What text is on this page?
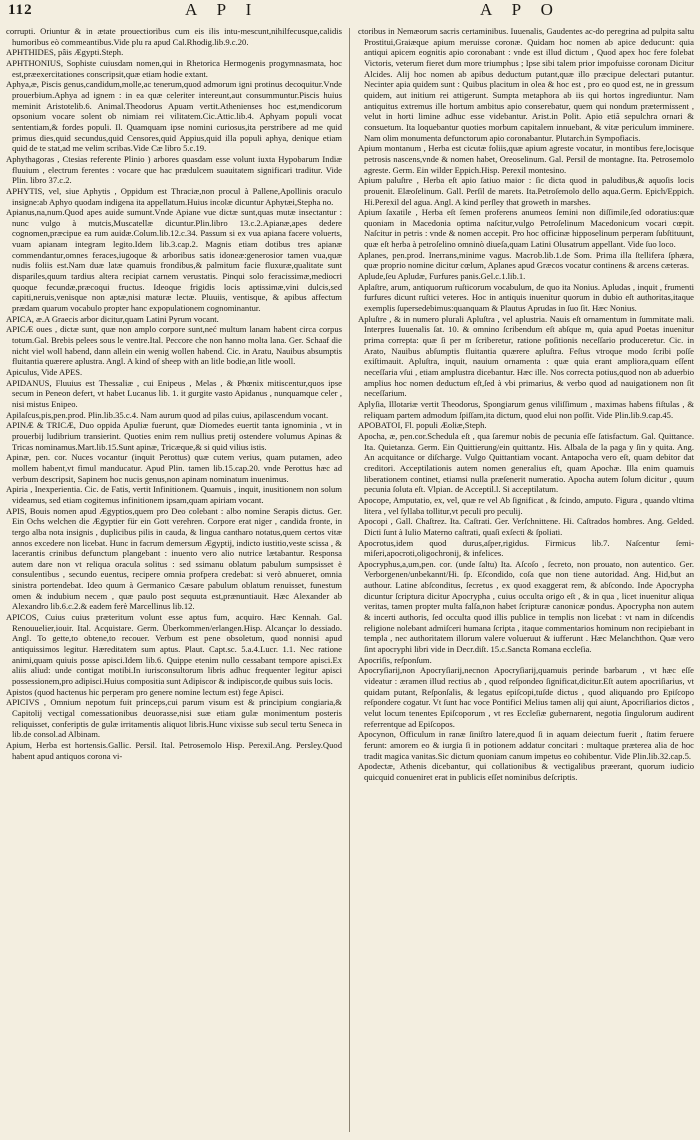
112	A P I	A P O

corrupti. Oriuntur & in ætate prouectioribus cum eis ilis intu-mescunt,nihilfecusque,calidis humoribus eò commeantibus.Vide plu ra apud Cal.Rhodig.lib.9.c.20.

APHTHIDES, pâis Ægypti.Steph.

APHTHONIUS, Sophiste cuiusdam nomen,qui in Rhetorica Hermogenis progymnasmata, hoc est,præexercitationes conscripsit,quæ etiam hodie extant.

Aphya,æ, Piscis genus,candidum,molle,ac tenerum,quod admorum igni protinus decoquitur.Vnde prouerbium.Aphya ad ignem : in ea quæ celeriter intereunt,aut consummuntur.Piscis huius meminit Aristotelib.6. Animal.Theodorus Apuam vertit.Athenienses hoc est,mendicorum opsonium vocare solent ob nimiam rei vilitatem.Cic.Attic.lib.4. Aphyam populi vocat sententiam,& fordes populi. Il. Quamquam ipse nomini curiosus,ita perstribere ad me quid primus dies,quid secundus,quid Censores,quid Appius,quid illa populi aphya, denique etiam quid de te stat,ad me velim scribas.Vide Cæ libro 5.c.19.

Aphythagoras , Ctesias referente Plinio ) arbores quasdam esse volunt iuxta Hypobarum Indiæ fluuium , electrum ferentes : vocare que hac prædulcem suauitatem significari traditur. Vide Plin. libro 37.c.2.

APHYTIS, vel, siue Aphytis , Oppidum est Thraciæ,non procul à Pallene,Apollinis oraculo insigne:ab Aphyo quodam indigena ita appellatum.Huius incolæ dicuntur Aphytæi,Stepha no.

Apianus,na,num.Quod apes auide sumunt.Vnde Apiane vue dictæ sunt,quas mutæ insectantur : nunc vulgo à mutcis,Muscatellæ dicuntur.Plin.libro 13.c.2.Apianæ,apes dedere cognomen,præcipue ea rum auidæ.Colum.lib.12.c.34. Passum si ex vua apiana facere voluerts, vuam apianam integram legito.Idem lib.3.cap.2. Magnis etiam dotibus tres apianæ commendantur,omnes feraces,iugoque & arboribus satis idoneæ:generosior tamen vua,quæ nudis foliis est.Nam duæ latæ quamuis frondibus,& palmitum facie fluxuræ,qualitate sunt dispariles,quum tardius altera recipiat carnem verustatis. Pinqui solo feracissimæ,mediocri quoque fecundæ,præcoqui fructus. Ideoque frigidis locis aptissimæ,vini dulcis,sed capiti,neruis,venisque non aptæ,nisi maturæ lectæ. Pluuiis, ventisque, & apibus affectum prædam quarum vocabulo propter hanc expopulationem cognominantur.

APICA, æ.A Graecis arbor dicitur,quam Latini Pyrum vocant.

APICÆ oues , dictæ sunt, quæ non amplo corpore sunt,neć multum lanam habent circa corpus totum.Gal. Brebis pelees sous le ventre.Ital. Peccore che non hanno molta lana. Ger. Schaaf die nicht viel woll habend, dann allein ein wenig wollen habend. Cic. in Aratu, Nauibus absumptis fluitantia quærere aplustra. Angl. A kind of sheep with an litle bodie,an litle wooll.

Apiculus, Vide APES.

APIDANUS, Fluuius est Thessaliæ , cui Enipeus , Melas , & Phœnix mitiscentur,quos ipse secum in Peneon defert, vt habet Lucanus lib. 1. it gurgite vasto Apidanus , nunquamque celer , nisi mistus Enipeo.

Apilaſcus,pis,pen.prod. Plin.lib.35.c.4. Nam aurum quod ad pilas cuius, apilascendum vocant.

APINÆ & TRICÆ, Duo oppida Apuliæ fuerunt, quæ Diomedes euertit tanta ignominia , vt in prouerbij ludibrium transierint. Quoties enim rem nullius pretij ostendere volumus Apinas & Tricas nominamus.Mart.lib.15.Sunt apinæ, Tricæque,& si quid vilius istis.

Apinæ, pen. cor. Nuces vocantur (inquit Perottus) quæ cutem verius, quam putamen, adeo mollem habent,vt fimul manducatur. Apud Plin. tamen lib.15.cap.20. vnde Perottus hæc ad verbum descripsit, Sapinem hoc nucis genus,non apinam nominatum inuenimus.

Apiria , Inexperientia. Cic. de Fatis, vertit Infinitionem. Quamuis , inquit, inusitionem non solum videamus, sed etiam cogitemus infinitionem ipsam,quam apiriam vocant.

APIS, Bouis nomen apud Ægyptios,quem pro Deo colebant : albo nomine Serapis dictus. Ger. Ein Ochs welchen die Ægyptier für ein Gott verehren. Corpore erat niger , candida fronte, in tergo alba nota insignis , duplicibus pilis in cauda, & lingua cantharo notatus,quem certos vitæ annos excedere non licebat. Hunc in facrum demersum Ægyptij, indicto iustitio,veste scissa , & lacerantis crinibus defunctum plangebant : inuento vero alio nutrice lætabantur. Responsa autem dare non vt reliqua oracula solitus : sed ssimanu oblatum pabulum sumpsisset è consulentibus , secundo euentus, recipere omnia profpera credebat: si verò abnueret, omnia sinistra portendebat. Ideo quum à Germanico Cæsare pabulum oblatum renuisset, funestum omen & indubium necem , quæ paulo post sequuta est,prænuntiauit. Hæc Alexander ab Alexandro lib.6.c.2.& eadem ferè Marcellinus lib.12.

APICOS, Cuius cuius præteritum volunt esse aptus fum, acquiro. Hæc Kennah. Gal. Renouuelier,iouir. Ital. Acquistare. Germ. Überkommen/erlangen.Hisp. Alcançar lo dessiado. Angl. To gette,to obtene,to recouer. Verbum est pene obsoletum, quod nonnisi apud antiquissimos legitur. Hæreditatem sum aptus. Plaut. Capt.sc. 5.a.4.Lucr. 1.1. Nec ratione animi,quam quiuis posse apisci.Idem lib.6. Quippe etenim nullo cessabant tempore apisci.Ex aliis aliud: unde contigat motibi.In iurisconsultorum libris adhuc frequenter legitur apisci possessionem,pro adipisci.Huius compositia sunt Adipiscor & indipiscor,de quibus suis locis.

Apistos (quod hactenus hic perperam pro genere nomine lectum est) fege Apisci.

APICIVS , Omnium nepotum fuit princeps,cui parum visum est & principium congiaria,& Capitolij vectigal comessationibus deuorasse,nisi suæ etiam gulæ monimentum posteris reliquisset, conferiptis de gulæ irritamentis aliquot libris.Hunc vixisse sub secul tertu Seneca in lib.de consol.ad Albinam.

Apium, Herba est hortensis.Gallic. Persil. Ital. Petrosemolo Hisp. Perexil.Ang. Persley.Quod habent apud antiquos corona vi-

ctoribus in Nemæorum sacris certaminibus. Iuuenalis, Gaudentes ac-do peregrina ad pulpita saltu Prostitui,Graiæque apium meruisse coronæ. Quidam hoc nomen ab apice deducunt: quia antiqui apicem eognitis apio coronabant : vnde est illud dictum , Quod apex hoc fere folebat Victoris, veterum fieret dum more triumphus ; Ipse sibi talem prior impofuisse coronam Dicitur Alcides. Alij hoc nomen ab apibus deductum putant,quæ illo præcipue delectari putantur. Necinter apia quidem sunt : Quibus placitum in olea & hoc est , pro eo quod est, ne in gressum quidem, aut initium rei attigerunt. Sumpta metaphora ab iis qui hortos ingrediuntur. Nam antiquitus extremus ille hortum ambitus apio conserebatur, quem qui nondum prætermissent , velut in horti limine adhuc esse videbantur. Arist.in Polit. Apio etiā sepulchra ornari & consuetum. Ita loquebantur quoties morbum capitalem innuebant, & vitæ periculum imminere. Nam olim monumenta defunctorum apio coronabantur. Plutarch.in Sympofiacis.

Apium montanum , Herba est cicutæ foliis,quæ apium agreste vocatur, in montibus fere,locisque petrosis nascens,vnde & nomen habet, Oreoselinum. Gal. Persil de montagne. Ita. Petrosemolo agreste. Germ. Ein wilder Eppich.Hisp. Perexil montesino.

Apium paluſtre , Herba eſt apio ſatiuo maior : ſic dicta quod in paludibus,& aquoſis locis prouenit. Elæoſelinum. Gall. Perſil de marets. Ita.Petroſemolo dello aqua.Germ. Epich/Eppich. Hi.Perexil del agua. Angl. A kind perſley that groweth in marshes.

Apium ſaxatile , Herba eſt ſemen proferens anumeos ſemini non diſſimile,ſed odoratius:quæ quoniam in Macedonia optima naſcitur,vulgo Petroſelinum Macedonicum vocari cœpit. Naſcitur in petris : vnde & nomen accepit. Pro hoc officinæ hipposelinum perperam ſubſtituunt, quæ eſt herba à petroſelino omninò diueſa,quam Latini Olusatrum appellant. Vide ſuo loco.

Aplanes, pen.prod. Inerrans,minime vagus. Macrob.lib.1.de Som. Prima illa ſtellifera ſphæra, quæ proprio nomine dicitur cœlum, Aplanes apud Græcos vocatur continens & arcens cæteras.

Aplude,ſeu Apludæ, Furfures panis.Gel.c.1.lib.1.

Aplaſtre, arum, antiquorum ruſticorum vocabulum, de quo ita Nonius. Apludas , inquit , frumenti furfures dicunt ruſtici veteres. Hoc in antiquis inuenitur quorum in dubio eſt authoritas,itaque exemplis ſupersedebimus:quanquam & Plautus Aprudas in ſuo ſit. Hæc Nonius.

Apluſtre , & in numero plurali Apluſtra , vel aplustria. Nauis eſt ornamentum in ſummitate mali. Interpres Iuuenalis ſat. 10. & omnino ſcribendum eſt abſque m, quia apud Poetas inuenitur prima correpta: quæ ſi per m ſcriberetur, ratione poſitionis neceſſario produceretur. Cic. in Arato, Nauibus abſumptis fluitantia quærere apluſtra. Feſtus vtroque modo ſcribi poſſe exiſtimauit. Apluſtra, inquit, nauium ornamenta : quæ quia erant ampliora,quam eſſent neceſſaria vſui , etiam amplustra dicebantur. Hæc ille. Nos correcta potius,quod non ab aduerbio amplius hoc nomen deductum eſt,ſed à vbi primarius, & verbo quod ad nauigationem non ſit neceſſarium.

Aplyſia, Illotariæ vertit Theodorus, Spongiarum genus viliſſimum , maximas habens fiſtulas , & reliquam partem admodum ſpiſſam,ita dictum, quod elui non poſſit. Vide Plin.lib.9.cap.45.

APOBATOI, Fl. populi Æoliæ,Steph.

Apocha, æ, pen.cor.Schedula eſt , qua ſaremur nobis de pecunia eſſe ſatisfactum. Gal. Quittance. Ita. Quietanza. Germ. Ein Quittierung/ein quittantz. His. Albala de la paga y ſin y quita. Ang. An acquitance or diſcharge. Vulgo Quittantiam vocant. Antapocha vero eſt, quam debitor dat creditori. Acceptilationis autem nomen generalius eſt, quam Apochæ. Illa enim quamuis liberationem continet, etiamsi nulla præſenerit numeratio. Apocha autem ſolum dicitur , quum pecunia ſoluta eſt. Vlpian. de Acceptil.l. Si acceptilatum.

Apocope, Amputatio, ex, vel, quæ re vel Ab ſignificat , & ſcindo, amputo. Figura , quando vltima litera , vel ſyllaba tollitur,vt peculi pro peculij.

Apocopi , Gall. Chaſtrez. Ita. Caſtrati. Ger. Verſchnittene. Hi. Caſtrados hombres. Ang. Gelded. Dicti ſunt à Iulio Materno caſtrati, quaſi exſecti & ſpoliati.

Apocrotus,idem quod durus,aſper,rigidus. Firmicus lib.7. Naſcentur ſemi-miſeri,apocroti,oligochronij, & infelices.

Apocryphus,a,um,pen. cor. (unde ſaltu) Ita. Aſcoſo , ſecreto, non prouato, non autentico. Ger. Verborgenen/unbekannt/Hi. ſp. Eſcondido, coſa que non tiene autoridad. Ang. Hid,but an authour. Latine abſconditus, ſecretus , ex quod exaggerat rem, & abſcondo. Inde Apocrypha dicuntur ſcriptura dicitur Apocrypha , cuius occulta origo eſt , & in qua , licet inuenitur aliqua veritas, tamen propter multa falſa,non habet ſcripturæ canonicæ pondus. Apocrypha non autem & incerti authoris, ſed occulta quod illis publice in templis non licebat : vt nam in diſcendis religione nolebant admiſceri humana ſcripta , itaque commentarios hominum non recipiebant in templa , nec authoritatem illorum valere volueruut & iufferunt . Hæc Melanchthon. Quæ vero ſint apocryphi libri vide in Decr.diſt. 15.c.Sancta Romana eccleſia.

Apocriſis, reſponſum.

Apocryſiarij,non Apocryſiarij,necnon Apocryſiarij,quamuis perinde barbarum , vt hæc eſſe videatur : æramen illud rectius ab , quod reſpondeo ſignificat,dicitur.Eſt autem apocriſiarius, vt quidam putant, Reſponſalis, & legatus epiſcopi,tuſde dictus , quod aliquando pro Epiſcopo reſpondere cogatur. Vt ſunt hac voce Pontifici Melius tamen alij qui aiunt, Apocriſiarios dictos , velut locum tenentes Epiſcoporum , vt res Eccleſiæ gubernarent, negotia ſingulorum audirent referrentque ad Epiſcopos.

Apocynon, Officulum in ranæ ſiniſtro latere,quod ſi in aquam deiectum fuerit , ſtatim feruere ferunt: amorem eo & iurgia ſi in potionem addatur concitari : multaque præterea alia de hoc tradit magica vanitas.Sic dictum quoniam canum impetus eo cohibentur. Vide Plin.lib.32.cap.5.

Apodectæ, Athenis dicebantur, qui collationibus & vectigalibus præerant, quorum iudicio quicquid conueniret erat in publicis eſſet nominibus deſcriptis.
